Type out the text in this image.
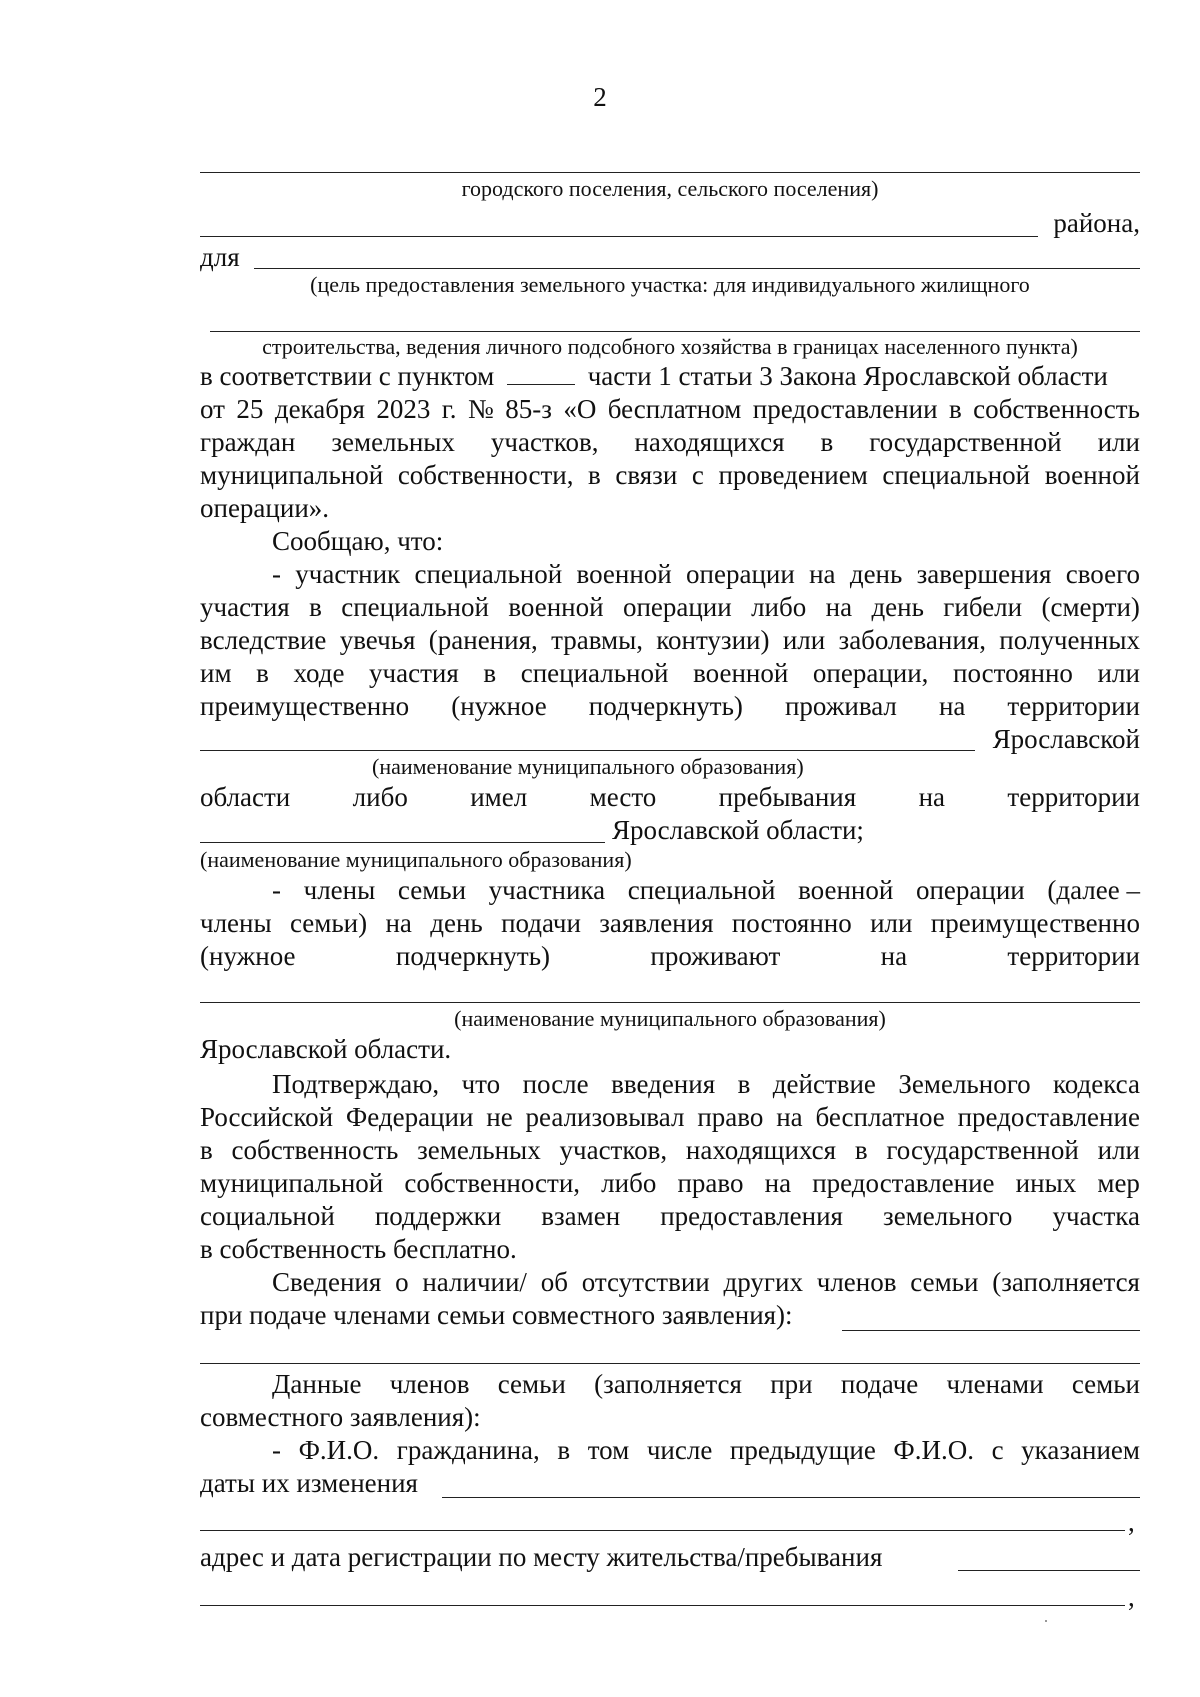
2
городского поселения, сельского поселения)
района,
для
(цель предоставления земельного участка: для индивидуального жилищного
строительства, ведения личного подсобного хозяйства в границах населенного пункта)
в соответствии с пунктом	части 1 статьи 3 Закона Ярославской области
от 25 декабря 2023 г. № 85-з «О бесплатном предоставлении в собственность
граждан земельных участков, находящихся в государственной или
муниципальной собственности, в связи с проведением специальной военной
операции».
Сообщаю, что:
- участник специальной военной операции на день завершения своего
участия в специальной военной операции либо на день гибели (смерти)
вследствие увечья (ранения, травмы, контузии) или заболевания, полученных
им в ходе участия в специальной военной операции, постоянно или
преимущественно (нужное подчеркнуть) проживал на территории
Ярославской
(наименование муниципального образования)
области либо имел место пребывания на территории
Ярославской области;
(наименование муниципального образования)
- члены семьи участника специальной военной операции (далее –
члены семьи) на день подачи заявления постоянно или преимущественно
(нужное	подчеркнуть)	проживают	на	территории
(наименование муниципального образования)
Ярославской области.
Подтверждаю, что после введения в действие Земельного кодекса
Российской Федерации не реализовывал право на бесплатное предоставление
в собственность земельных участков, находящихся в государственной или
муниципальной собственности, либо право на предоставление иных мер
социальной поддержки взамен предоставления земельного участка
в собственность бесплатно.
Сведения о наличии/ об отсутствии других членов семьи (заполняется
при подаче членами семьи совместного заявления):
Данные членов семьи (заполняется при подаче членами семьи
совместного заявления):
- Ф.И.О. гражданина, в том числе предыдущие Ф.И.О. с указанием
даты их изменения
,
адрес и дата регистрации по месту жительства/пребывания
,
